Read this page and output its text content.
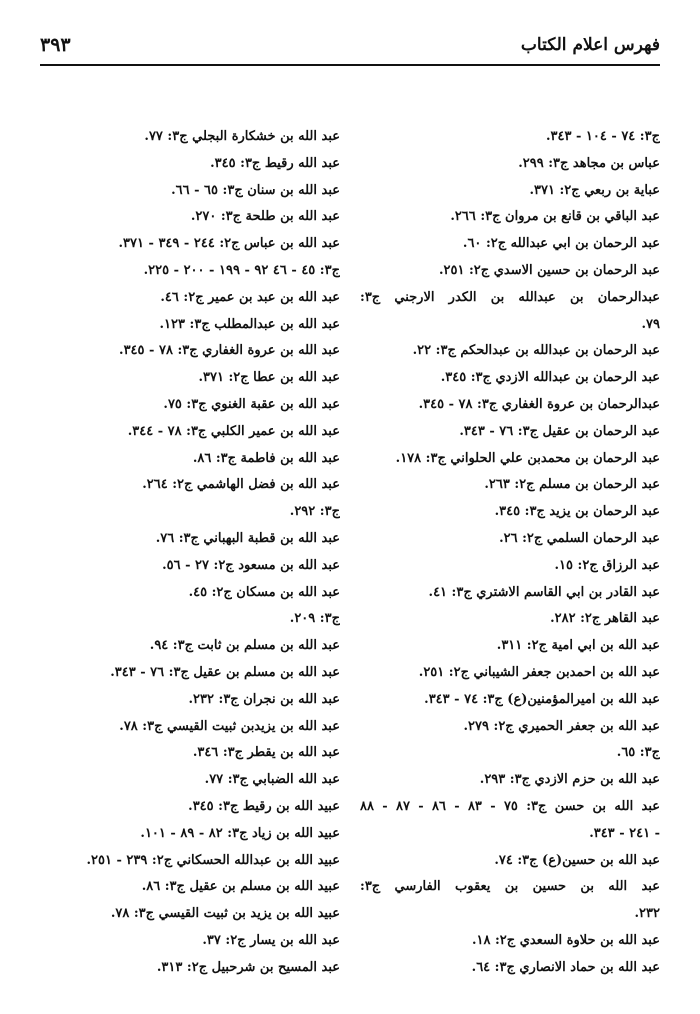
فهرس اعلام الكتاب
٣٩٣
ج٣: ٧٤ - ١٠٤ - ٣٤٣.
عباس بن مجاهد ج٣: ٢٩٩.
عباية بن ربعي ج٢: ٣٧١.
عبد الباقي بن قانع بن مروان ج٣: ٢٦٦.
عبد الرحمان بن ابي عبدالله ج٢: ٦٠.
عبد الرحمان بن حسين الاسدي ج٢: ٢٥١.
عبدالرحمان بن عبدالله بن الكدر الارجني ج٣:
٧٩.
عبد الرحمان بن عبدالله بن عبدالحكم ج٣: ٢٢.
عبد الرحمان بن عبدالله الازدي ج٣: ٣٤٥.
عبدالرحمان بن عروة الغفاري ج٣: ٧٨ - ٣٤٥.
عبد الرحمان بن عقيل ج٣: ٧٦ - ٣٤٣.
عبد الرحمان بن محمدبن علي الحلواني ج٣: ١٧٨.
عبد الرحمان بن مسلم ج٢: ٢٦٣.
عبد الرحمان بن يزيد ج٣: ٣٤٥.
عبد الرحمان السلمي ج٢: ٢٦.
عبد الرزاق ج٢: ١٥.
عبد القادر بن ابي القاسم الاشتري ج٣: ٤١.
عبد القاهر ج٢: ٢٨٢.
عبد الله بن ابي امية ج٢: ٣١١.
عبد الله بن احمدبن جعفر الشيباني ج٢: ٢٥١.
عبد الله بن اميرالمؤمنين(ع) ج٣: ٧٤ - ٣٤٣.
عبد الله بن جعفر الحميري ج٢: ٢٧٩.
ج٣: ٦٥.
عبد الله بن حزم الازدي ج٣: ٢٩٣.
عبد الله بن حسن ج٣: ٧٥ - ٨٣ - ٨٦ - ٨٧ - ٨٨
- ٢٤١ - ٣٤٣.
عبد الله بن حسين(ع) ج٣: ٧٤.
عبد الله بن حسين بن يعقوب الفارسي ج٣:
٢٣٢.
عبد الله بن حلاوة السعدي ج٢: ١٨.
عبد الله بن حماد الانصاري ج٣: ٦٤.
عبد الله بن خشكارة البجلي ج٣: ٧٧.
عبد الله رقيط ج٣: ٣٤٥.
عبد الله بن سنان ج٣: ٦٥ - ٦٦.
عبد الله بن طلحة ج٣: ٢٧٠.
عبد الله بن عباس ج٢: ٢٤٤ - ٣٤٩ - ٣٧١.
ج٣: ٤٥ - ٤٦ ٩٢ - ١٩٩ - ٢٠٠ - ٢٢٥.
عبد الله بن عبد بن عمير ج٢: ٤٦.
عبد الله بن عبدالمطلب ج٣: ١٢٣.
عبد الله بن عروة الغفاري ج٣: ٧٨ - ٣٤٥.
عبد الله بن عطا ج٢: ٣٧١.
عبد الله بن عقبة الغنوي ج٣: ٧٥.
عبد الله بن عمير الكلبي ج٣: ٧٨ - ٣٤٤.
عبد الله بن فاطمة ج٣: ٨٦.
عبد الله بن فضل الهاشمي ج٢: ٢٦٤.
ج٣: ٢٩٢.
عبد الله بن قطبة البهباني ج٣: ٧٦.
عبد الله بن مسعود ج٢: ٢٧ - ٥٦.
عبد الله بن مسكان ج٢: ٤٥.
ج٣: ٢٠٩.
عبد الله بن مسلم بن ثابت ج٣: ٩٤.
عبد الله بن مسلم بن عقيل ج٣: ٧٦ - ٣٤٣.
عبد الله بن نجران ج٣: ٢٣٢.
عبد الله بن يزيدبن ثبيت القيسي ج٣: ٧٨.
عبد الله بن يقطر ج٣: ٣٤٦.
عبد الله الضبابي ج٣: ٧٧.
عبيد الله بن رقيط ج٣: ٣٤٥.
عبيد الله بن زياد ج٣: ٨٢ - ٨٩ - ١٠١.
عبيد الله بن عبدالله الحسكاني ج٢: ٢٣٩ - ٢٥١.
عبيد الله بن مسلم بن عقيل ج٣: ٨٦.
عبيد الله بن يزيد بن ثبيت القيسي ج٣: ٧٨.
عبد الله بن يسار ج٢: ٣٧.
عبد المسيح بن شرحبيل ج٢: ٣١٣.
